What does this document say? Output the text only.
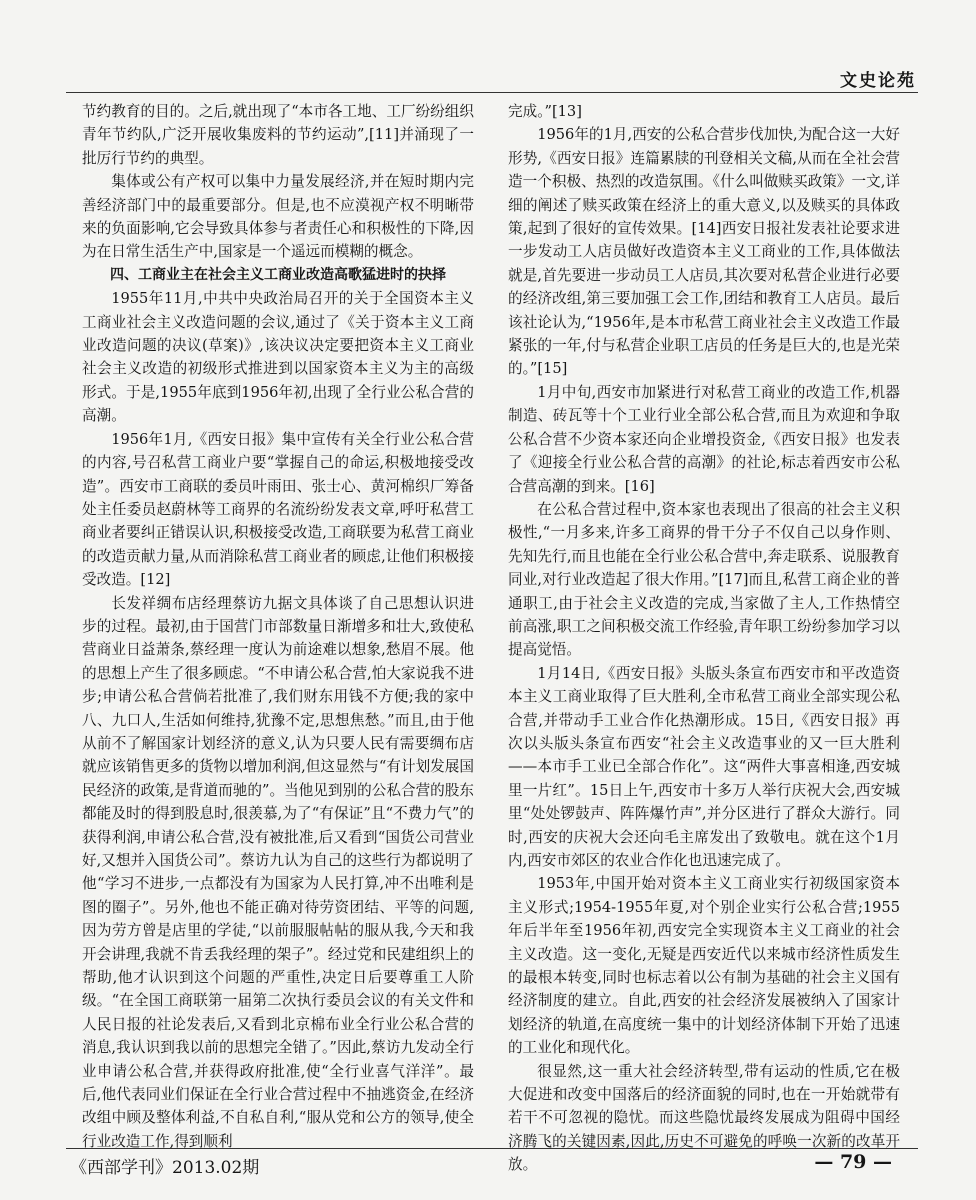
文史论苑

节约教育的目的。之后,就出现了“本市各工地、工厂纷纷组织青年节约队,广泛开展收集废料的节约运动”,[11]并涌现了一批厉行节约的典型。

集体或公有产权可以集中力量发展经济,并在短时期内完善经济部门中的最重要部分。但是,也不应漠视产权不明晰带来的负面影响,它会导致具体参与者责任心和积极性的下降,因为在日常生活生产中,国家是一个遥远而模糊的概念。

四、工商业主在社会主义工商业改造高歌猛进时的抉择

1955年11月,中共中央政治局召开的关于全国资本主义工商业社会主义改造问题的会议,通过了《关于资本主义工商业改造问题的决议(草案)》,该决议决定要把资本主义工商业社会主义改造的初级形式推进到以国家资本主义为主的高级形式。于是,1955年底到1956年初,出现了全行业公私合营的高潮。

1956年1月,《西安日报》集中宣传有关全行业公私合营的内容,号召私营工商业户要“掌握自己的命运,积极地接受改造”。西安市工商联的委员叶雨田、张士心、黄河棉织厂筹备处主任委员赵蔚林等工商界的名流纷纷发表文章,呼吁私营工商业者要纠正错误认识,积极接受改造,工商联要为私营工商业的改造贡献力量,从而消除私营工商业者的顾虑,让他们积极接受改造。[12]

长发祥绸布店经理蔡访九据文具体谈了自己思想认识进步的过程。最初,由于国营门市部数量日渐增多和壮大,致使私营商业日益萧条,蔡经理一度认为前途难以想象,愁眉不展。他的思想上产生了很多顾虑。“不申请公私合营,怕大家说我不进步;申请公私合营倘若批准了,我们财东用钱不方便;我的家中八、九口人,生活如何维持,犹豫不定,思想焦愁。”而且,由于他从前不了解国家计划经济的意义,认为只要人民有需要绸布店就应该销售更多的货物以增加利润,但这显然与“有计划发展国民经济的政策,是背道而驰的”。当他见到别的公私合营的股东都能及时的得到股息时,很羡慕,为了“有保证”且“不费力气”的获得利润,申请公私合营,没有被批准,后又看到“国货公司营业好,又想并入国货公司”。蔡访九认为自己的这些行为都说明了他“学习不进步,一点都没有为国家为人民打算,冲不出唯利是图的圈子”。另外,他也不能正确对待劳资团结、平等的问题,因为劳方曾是店里的学徒,“以前服服帖帖的服从我,今天和我开会讲理,我就不肯丢我经理的架子”。经过党和民建组织上的帮助,他才认识到这个问题的严重性,决定日后要尊重工人阶级。“在全国工商联第一届第二次执行委员会议的有关文件和人民日报的社论发表后,又看到北京棉布业全行业公私合营的消息,我认识到我以前的思想完全错了。”因此,蔡访九发动全行业申请公私合营,并获得政府批准,使“全行业喜气洋洋”。最后,他代表同业们保证在全行业合营过程中不抽逃资金,在经济改组中顾及整体利益,不自私自利,“服从党和公方的领导,使全行业改造工作,得到顺利

完成。”[13]

1956年的1月,西安的公私合营步伐加快,为配合这一大好形势,《西安日报》连篇累牍的刊登相关文稿,从而在全社会营造一个积极、热烈的改造氛围。《什么叫做赎买政策》一文,详细的阐述了赎买政策在经济上的重大意义,以及赎买的具体政策,起到了很好的宣传效果。[14]西安日报社发表社论要求进一步发动工人店员做好改造资本主义工商业的工作,具体做法就是,首先要进一步动员工人店员,其次要对私营企业进行必要的经济改组,第三要加强工会工作,团结和教育工人店员。最后该社论认为,“1956年,是本市私营工商业社会主义改造工作最紧张的一年,付与私营企业职工店员的任务是巨大的,也是光荣的。”[15]

1月中旬,西安市加紧进行对私营工商业的改造工作,机器制造、砖瓦等十个工业行业全部公私合营,而且为欢迎和争取公私合营不少资本家还向企业增投资金,《西安日报》也发表了《迎接全行业公私合营的高潮》的社论,标志着西安市公私合营高潮的到来。[16]

在公私合营过程中,资本家也表现出了很高的社会主义积极性,“一月多来,许多工商界的骨干分子不仅自己以身作则、先知先行,而且也能在全行业公私合营中,奔走联系、说服教育同业,对行业改造起了很大作用。”[17]而且,私营工商企业的普通职工,由于社会主义改造的完成,当家做了主人,工作热情空前高涨,职工之间积极交流工作经验,青年职工纷纷参加学习以提高觉悟。

1月14日,《西安日报》头版头条宣布西安市和平改造资本主义工商业取得了巨大胜利,全市私营工商业全部实现公私合营,并带动手工业合作化热潮形成。15日,《西安日报》再次以头版头条宣布西安“社会主义改造事业的又一巨大胜利——本市手工业已全部合作化”。这“两件大事喜相逢,西安城里一片红”。15日上午,西安市十多万人举行庆祝大会,西安城里“处处锣鼓声、阵阵爆竹声”,并分区进行了群众大游行。同时,西安的庆祝大会还向毛主席发出了致敬电。就在这个1月内,西安市郊区的农业合作化也迅速完成了。

1953年,中国开始对资本主义工商业实行初级国家资本主义形式;1954-1955年夏,对个别企业实行公私合营;1955年后半年至1956年初,西安完全实现资本主义工商业的社会主义改造。这一变化,无疑是西安近代以来城市经济性质发生的最根本转变,同时也标志着以公有制为基础的社会主义国有经济制度的建立。自此,西安的社会经济发展被纳入了国家计划经济的轨道,在高度统一集中的计划经济体制下开始了迅速的工业化和现代化。

很显然,这一重大社会经济转型,带有运动的性质,它在极大促进和改变中国落后的经济面貌的同时,也在一开始就带有若干不可忽视的隐忧。而这些隐忧最终发展成为阻碍中国经济腾飞的关键因素,因此,历史不可避免的呼唤一次新的改革开放。

《西部学刊》2013.02期	— 79 —
